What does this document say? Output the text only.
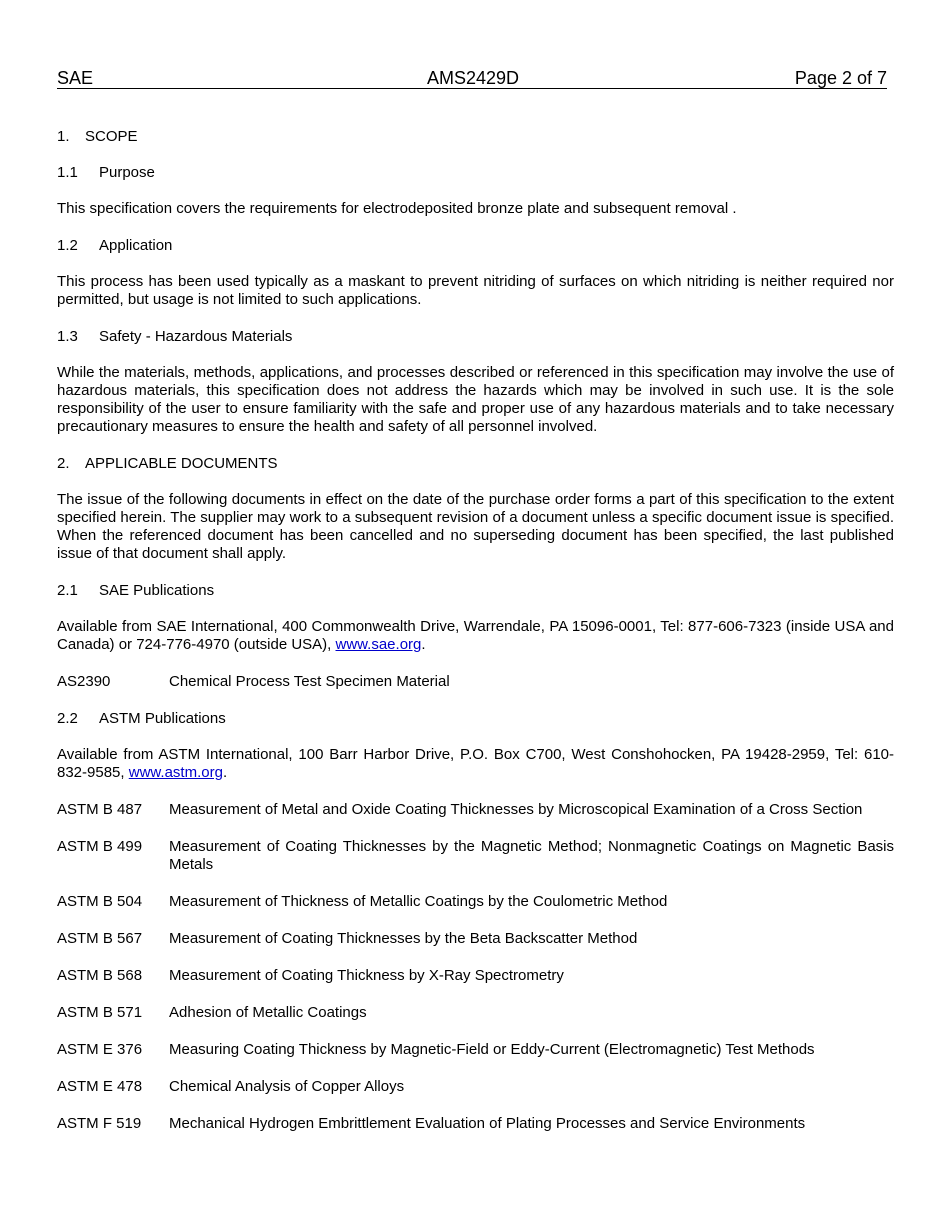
SAE	AMS2429D	Page 2 of 7
1. SCOPE
1.1 Purpose

This specification covers the requirements for electrodeposited bronze plate and subsequent removal .

1.2 Application

This process has been used typically as a maskant to prevent nitriding of surfaces on which nitriding is neither required nor permitted, but usage is not limited to such applications.

1.3 Safety - Hazardous Materials

While the materials, methods, applications, and processes described or referenced in this specification may involve the use of hazardous materials, this specification does not address the hazards which may be involved in such use. It is the sole responsibility of the user to ensure familiarity with the safe and proper use of any hazardous materials and to take necessary precautionary measures to ensure the health and safety of all personnel involved.

2. APPLICABLE DOCUMENTS

The issue of the following documents in effect on the date of the purchase order forms a part of this specification to the extent specified herein. The supplier may work to a subsequent revision of a document unless a specific document issue is specified. When the referenced document has been cancelled and no superseding document has been specified, the last published issue of that document shall apply.

2.1 SAE Publications

Available from SAE International, 400 Commonwealth Drive, Warrendale, PA 15096-0001, Tel: 877-606-7323 (inside USA and Canada) or 724-776-4970 (outside USA), www.sae.org.

AS2390	Chemical Process Test Specimen Material
2.2 ASTM Publications

Available from ASTM International, 100 Barr Harbor Drive, P.O. Box C700, West Conshohocken, PA 19428-2959, Tel: 610-832-9585, www.astm.org.

ASTM B 487	Measurement of Metal and Oxide Coating Thicknesses by Microscopical Examination of a Cross Section
ASTM B 499	Measurement of Coating Thicknesses by the Magnetic Method; Nonmagnetic Coatings on Magnetic Basis Metals
ASTM B 504	Measurement of Thickness of Metallic Coatings by the Coulometric Method
ASTM B 567	Measurement of Coating Thicknesses by the Beta Backscatter Method
ASTM B 568	Measurement of Coating Thickness by X-Ray Spectrometry
ASTM B 571	Adhesion of Metallic Coatings
ASTM E 376	Measuring Coating Thickness by Magnetic-Field or Eddy-Current (Electromagnetic) Test Methods
ASTM E 478	Chemical Analysis of Copper Alloys
ASTM F 519	Mechanical Hydrogen Embrittlement Evaluation of Plating Processes and Service Environments
